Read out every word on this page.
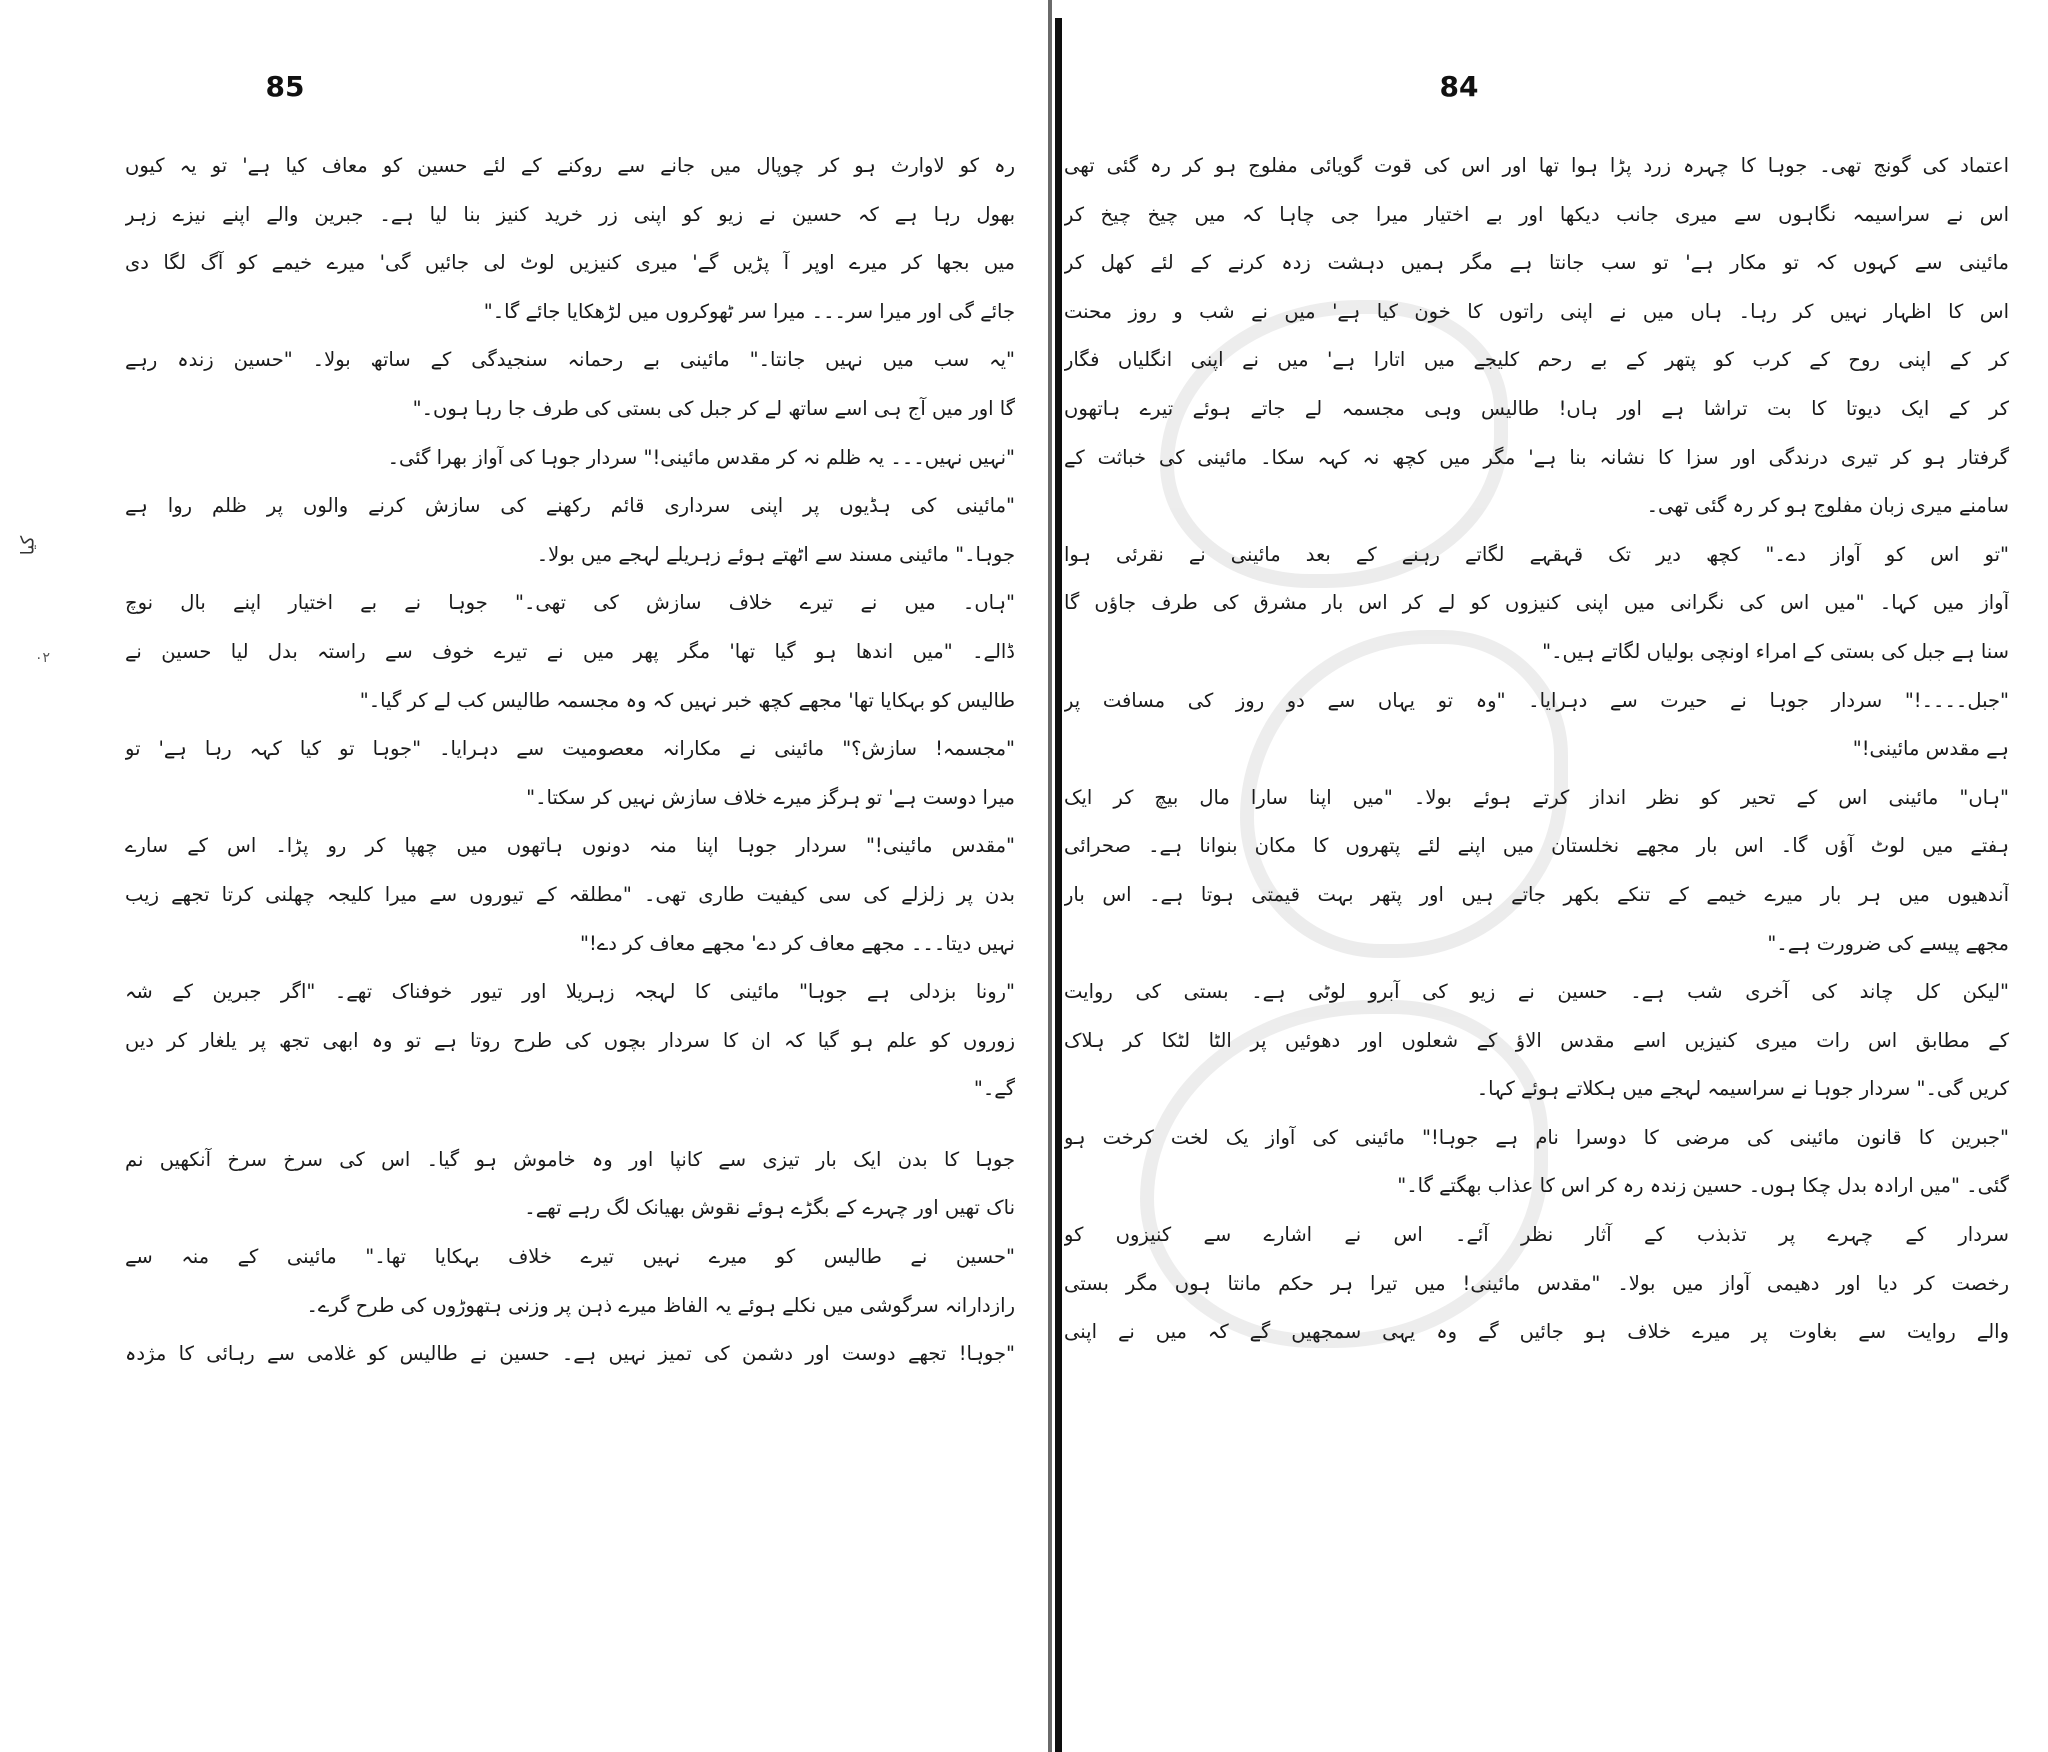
85
رہ کو لاوارث ہو کر چوپال میں جانے سے روکنے کے لئے حسین کو معاف کیا ہے' تو یہ کیوں
بھول رہا ہے کہ حسین نے زیو کو اپنی زر خرید کنیز بنا لیا ہے۔ جبرین والے اپنے نیزے زہر
میں بجھا کر میرے اوپر آ پڑیں گے' میری کنیزیں لوٹ لی جائیں گی' میرے خیمے کو آگ لگا دی
جائے گی اور میرا سر۔۔۔ میرا سر ٹھوکروں میں لڑھکایا جائے گا۔"
"یہ سب میں نہیں جانتا۔" مائینی بے رحمانہ سنجیدگی کے ساتھ بولا۔ "حسین زندہ رہے
گا اور میں آج ہی اسے ساتھ لے کر جبل کی بستی کی طرف جا رہا ہوں۔"
"نہیں نہیں۔۔۔ یہ ظلم نہ کر مقدس مائینی!" سردار جوہا کی آواز بھرا گئی۔
"مائینی کی ہڈیوں پر اپنی سرداری قائم رکھنے کی سازش کرنے والوں پر ظلم روا ہے
جوہا۔" مائینی مسند سے اٹھتے ہوئے زہریلے لہجے میں بولا۔
"ہاں۔ میں نے تیرے خلاف سازش کی تھی۔" جوہا نے بے اختیار اپنے بال نوچ
ڈالے۔ "میں اندھا ہو گیا تھا' مگر پھر میں نے تیرے خوف سے راستہ بدل لیا حسین نے
طالیس کو بہکایا تھا' مجھے کچھ خبر نہیں کہ وہ مجسمہ طالیس کب لے کر گیا۔"
"مجسمہ! سازش؟" مائینی نے مکارانہ معصومیت سے دہرایا۔ "جوہا تو کیا کہہ رہا ہے' تو
میرا دوست ہے' تو ہرگز میرے خلاف سازش نہیں کر سکتا۔"
"مقدس مائینی!" سردار جوہا اپنا منہ دونوں ہاتھوں میں چھپا کر رو پڑا۔ اس کے سارے
بدن پر زلزلے کی سی کیفیت طاری تھی۔ "مطلقہ کے تیوروں سے میرا کلیجہ چھلنی کرتا تجھے زیب
نہیں دیتا۔۔۔ مجھے معاف کر دے' مجھے معاف کر دے!"
"رونا بزدلی ہے جوہا" مائینی کا لہجہ زہریلا اور تیور خوفناک تھے۔ "اگر جبرین کے شہ
زوروں کو علم ہو گیا کہ ان کا سردار بچوں کی طرح روتا ہے تو وہ ابھی تجھ پر یلغار کر دیں
گے۔"
جوہا کا بدن ایک بار تیزی سے کانپا اور وہ خاموش ہو گیا۔ اس کی سرخ سرخ آنکھیں نم
ناک تھیں اور چہرے کے بگڑے ہوئے نقوش بھیانک لگ رہے تھے۔
"حسین نے طالیس کو میرے نہیں تیرے خلاف بہکایا تھا۔" مائینی کے منہ سے
رازدارانہ سرگوشی میں نکلے ہوئے یہ الفاظ میرے ذہن پر وزنی ہتھوڑوں کی طرح گرے۔
"جوہا! تجھے دوست اور دشمن کی تمیز نہیں ہے۔ حسین نے طالیس کو غلامی سے رہائی کا مژدہ
84
اعتماد کی گونج تھی۔ جوہا کا چہرہ زرد پڑا ہوا تھا اور اس کی قوت گویائی مفلوج ہو کر رہ گئی تھی
اس نے سراسیمہ نگاہوں سے میری جانب دیکھا اور بے اختیار میرا جی چاہا کہ میں چیخ چیخ کر
مائینی سے کہوں کہ تو مکار ہے' تو سب جانتا ہے مگر ہمیں دہشت زدہ کرنے کے لئے کھل کر
اس کا اظہار نہیں کر رہا۔ ہاں میں نے اپنی راتوں کا خون کیا ہے' میں نے شب و روز محنت
کر کے اپنی روح کے کرب کو پتھر کے بے رحم کلیجے میں اتارا ہے' میں نے اپنی انگلیاں فگار
کر کے ایک دیوتا کا بت تراشا ہے اور ہاں! طالیس وہی مجسمہ لے جاتے ہوئے تیرے ہاتھوں
گرفتار ہو کر تیری درندگی اور سزا کا نشانہ بنا ہے' مگر میں کچھ نہ کہہ سکا۔ مائینی کی خباثت کے
سامنے میری زبان مفلوج ہو کر رہ گئی تھی۔
"تو اس کو آواز دے۔" کچھ دیر تک قہقہے لگاتے رہنے کے بعد مائینی نے نقرئی ہوا
آواز میں کہا۔ "میں اس کی نگرانی میں اپنی کنیزوں کو لے کر اس بار مشرق کی طرف جاؤں گا
سنا ہے جبل کی بستی کے امراء اونچی بولیاں لگاتے ہیں۔"
"جبل۔۔۔۔!" سردار جوہا نے حیرت سے دہرایا۔ "وہ تو یہاں سے دو روز کی مسافت پر
ہے مقدس مائینی!"
"ہاں" مائینی اس کے تحیر کو نظر انداز کرتے ہوئے بولا۔ "میں اپنا سارا مال بیچ کر ایک
ہفتے میں لوٹ آؤں گا۔ اس بار مجھے نخلستان میں اپنے لئے پتھروں کا مکان بنوانا ہے۔ صحرائی
آندھیوں میں ہر بار میرے خیمے کے تنکے بکھر جاتے ہیں اور پتھر بہت قیمتی ہوتا ہے۔ اس بار
مجھے پیسے کی ضرورت ہے۔"
"لیکن کل چاند کی آخری شب ہے۔ حسین نے زیو کی آبرو لوٹی ہے۔ بستی کی روایت
کے مطابق اس رات میری کنیزیں اسے مقدس الاؤ کے شعلوں اور دھوئیں پر الٹا لٹکا کر ہلاک
کریں گی۔" سردار جوہا نے سراسیمہ لہجے میں ہکلاتے ہوئے کہا۔
"جبرین کا قانون مائینی کی مرضی کا دوسرا نام ہے جوہا!" مائینی کی آواز یک لخت کرخت ہو
گئی۔ "میں ارادہ بدل چکا ہوں۔ حسین زندہ رہ کر اس کا عذاب بھگتے گا۔"
سردار کے چہرے پر تذبذب کے آثار نظر آئے۔ اس نے اشارے سے کنیزوں کو
رخصت کر دیا اور دھیمی آواز میں بولا۔ "مقدس مائینی! میں تیرا ہر حکم مانتا ہوں مگر بستی
والے روایت سے بغاوت پر میرے خلاف ہو جائیں گے وہ یہی سمجھیں گے کہ میں نے اپنی
کیا
٠٢
